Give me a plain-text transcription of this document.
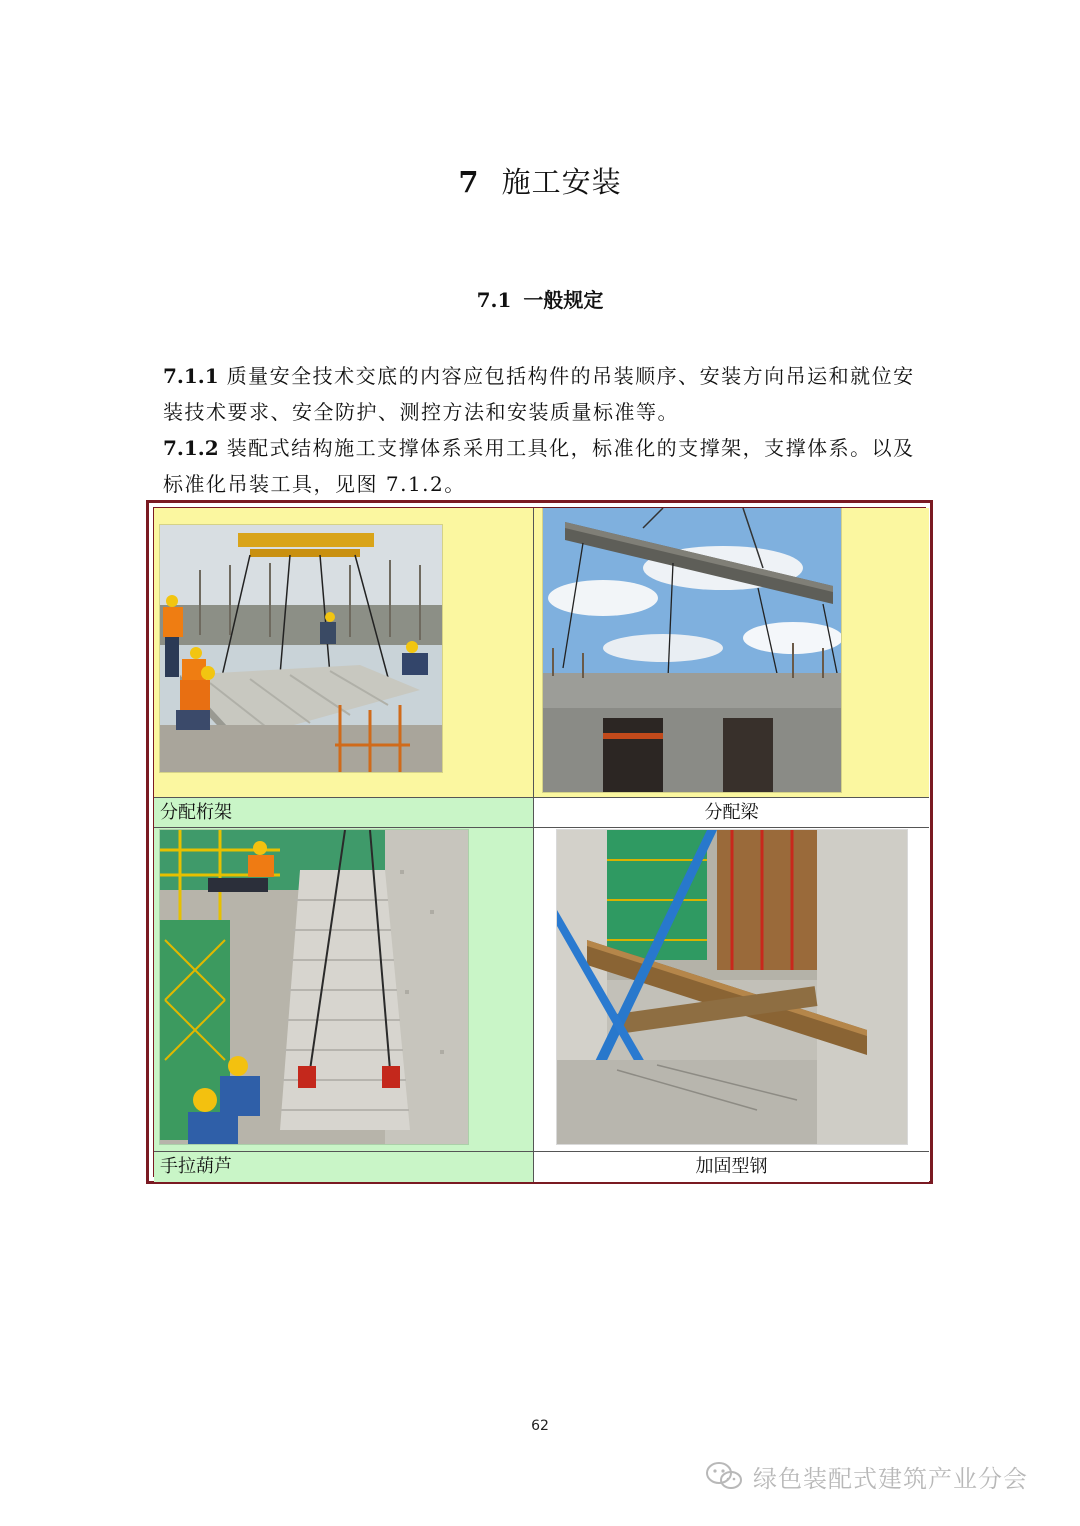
7 施工安装
7.1 一般规定
7.1.1 质量安全技术交底的内容应包括构件的吊装顺序、安装方向吊运和就位安装技术要求、安全防护、测控方法和安装质量标准等。
7.1.2 装配式结构施工支撑体系采用工具化，标准化的支撑架，支撑体系。以及标准化吊装工具，见图 7.1.2。
分配桁架	分配梁
手拉葫芦	加固型钢
62
绿色装配式建筑产业分会
